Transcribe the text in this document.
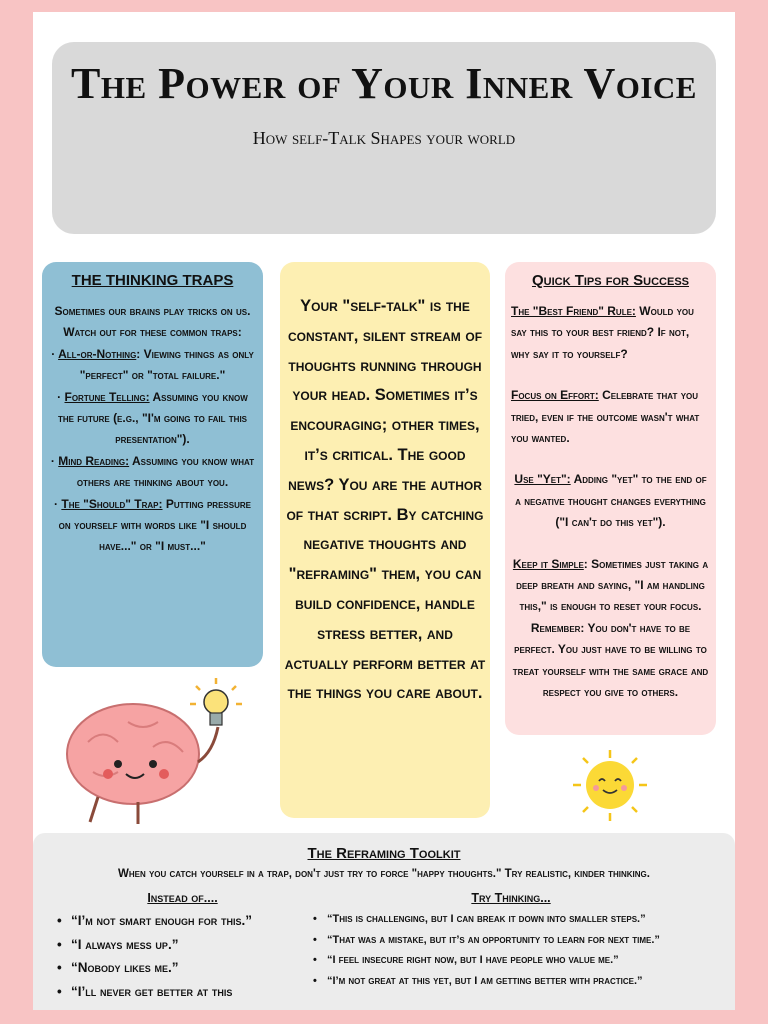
The Power of Your Inner Voice
How self-Talk Shapes your world
THE THINKING TRAPS

Sometimes our brains play tricks on us. Watch out for these common traps:

· All-or-Nothing: Viewing things as only "perfect" or "total failure."

· Fortune Telling: Assuming you know the future (e.g., "I'm going to fail this presentation").

· Mind Reading: Assuming you know what others are thinking about you.

· The "Should" Trap: Putting pressure on yourself with words like "I should have..." or "I must..."

Your "self-talk" is the constant, silent stream of thoughts running through your head. Sometimes it’s encouraging; other times, it’s critical. The good news? You are the author of that script. By catching negative thoughts and "reframing" them, you can build confidence, handle stress better, and actually perform better at the things you care about.

Quick Tips for Success

The "Best Friend" Rule: Would you say this to your best friend? If not, why say it to yourself?

Focus on Effort: Celebrate that you tried, even if the outcome wasn't what you wanted.

Use "Yet": Adding "yet" to the end of a negative thought changes everything ("I can't do this yet").

Keep it Simple: Sometimes just taking a deep breath and saying, "I am handling this," is enough to reset your focus.

Remember: You don't have to be perfect. You just have to be willing to treat yourself with the same grace and respect you give to others.

The Reframing Toolkit
When you catch yourself in a trap, don't just try to force "happy thoughts." Try realistic, kinder thinking.
Instead of....
• “I’m not smart enough for this.”
• “I always mess up.”
• “Nobody likes me.”
• “I’ll never get better at this
Try Thinking...
• “This is challenging, but I can break it down into smaller steps.”
• “That was a mistake, but it’s an opportunity to learn for next time.”
• “I feel insecure right now, but I have people who value me.”
• “I’m not great at this yet, but I am getting better with practice.”
